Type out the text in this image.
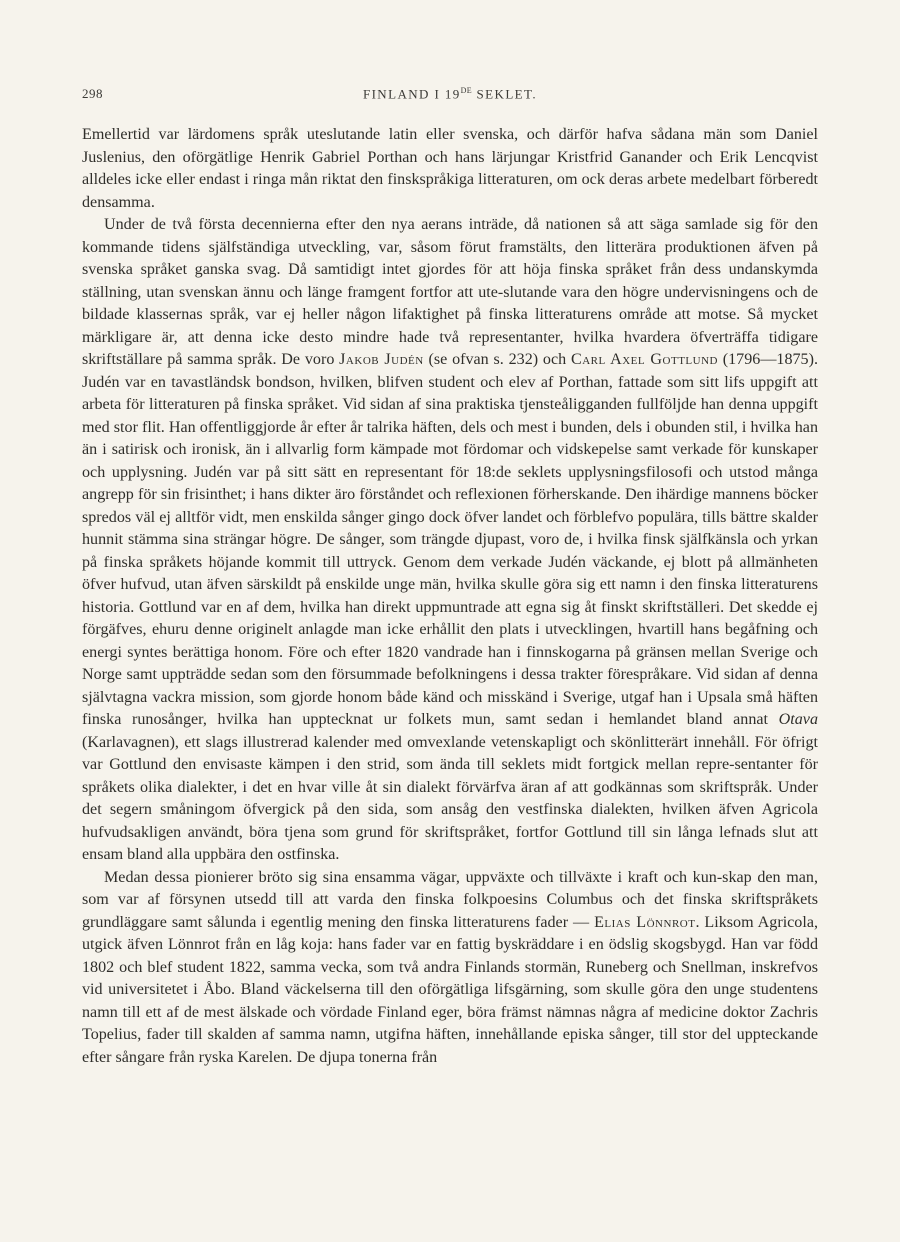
298	FINLAND I 19DE SEKLET.

Emellertid var lärdomens språk uteslutande latin eller svenska, och därför hafva sådana män som Daniel Juslenius, den oförgätlige Henrik Gabriel Porthan och hans lärjungar Kristfrid Ganander och Erik Lencqvist alldeles icke eller endast i ringa mån riktat den finskspråkiga litteraturen, om ock deras arbete medelbart förberedt densamma.

Under de två första decennierna efter den nya aerans inträde, då nationen så att säga samlade sig för den kommande tidens själfständiga utveckling, var, såsom förut framstälts, den litterära produktionen äfven på svenska språket ganska svag. Då samtidigt intet gjordes för att höja finska språket från dess undanskymda ställning, utan svenskan ännu och länge framgent fortfor att ute-slutande vara den högre undervisningens och de bildade klassernas språk, var ej heller någon lifaktighet på finska litteraturens område att motse. Så mycket märkligare är, att denna icke desto mindre hade två representanter, hvilka hvardera öfverträffa tidigare skriftställare på samma språk. De voro Jakob Judén (se ofvan s. 232) och Carl Axel Gottlund (1796—1875). Judén var en tavastländsk bondson, hvilken, blifven student och elev af Porthan, fattade som sitt lifs uppgift att arbeta för litteraturen på finska språket. Vid sidan af sina praktiska tjensteåligganden fullföljde han denna uppgift med stor flit. Han offentliggjorde år efter år talrika häften, dels och mest i bunden, dels i obunden stil, i hvilka han än i satirisk och ironisk, än i allvarlig form kämpade mot fördomar och vidskepelse samt verkade för kunskaper och upplysning. Judén var på sitt sätt en representant för 18:de seklets upplysningsfilosofi och utstod många angrepp för sin frisinthet; i hans dikter äro förståndet och reflexionen förherskande. Den ihärdige mannens böcker spredos väl ej alltför vidt, men enskilda sånger gingo dock öfver landet och förblefvo populära, tills bättre skalder hunnit stämma sina strängar högre. De sånger, som trängde djupast, voro de, i hvilka finsk själfkänsla och yrkan på finska språkets höjande kommit till uttryck. Genom dem verkade Judén väckande, ej blott på allmänheten öfver hufvud, utan äfven särskildt på enskilde unge män, hvilka skulle göra sig ett namn i den finska litteraturens historia. Gottlund var en af dem, hvilka han direkt uppmuntrade att egna sig åt finskt skriftställeri. Det skedde ej förgäfves, ehuru denne originelt anlagde man icke erhållit den plats i utvecklingen, hvartill hans begåfning och energi syntes berättiga honom. Före och efter 1820 vandrade han i finnskogarna på gränsen mellan Sverige och Norge samt uppträdde sedan som den försummade befolkningens i dessa trakter förespråkare. Vid sidan af denna självtagna vackra mission, som gjorde honom både känd och misskänd i Sverige, utgaf han i Upsala små häften finska runosånger, hvilka han upptecknat ur folkets mun, samt sedan i hemlandet bland annat Otava (Karlavagnen), ett slags illustrerad kalender med omvexlande vetenskapligt och skönlitterärt innehåll. För öfrigt var Gottlund den envisaste kämpen i den strid, som ända till seklets midt fortgick mellan repre-sentanter för språkets olika dialekter, i det en hvar ville åt sin dialekt förvärfva äran af att godkännas som skriftspråk. Under det segern småningom öfvergick på den sida, som ansåg den vestfinska dialekten, hvilken äfven Agricola hufvudsakligen användt, böra tjena som grund för skriftspråket, fortfor Gottlund till sin långa lefnads slut att ensam bland alla uppbära den ostfinska.

Medan dessa pionierer bröto sig sina ensamma vägar, uppväxte och tillväxte i kraft och kun-skap den man, som var af försynen utsedd till att varda den finska folkpoesins Columbus och det finska skriftspråkets grundläggare samt sålunda i egentlig mening den finska litteraturens fader — Elias Lönnrot. Liksom Agricola, utgick äfven Lönnrot från en låg koja: hans fader var en fattig byskräddare i en ödslig skogsbygd. Han var född 1802 och blef student 1822, samma vecka, som två andra Finlands stormän, Runeberg och Snellman, inskrefvos vid universitetet i Åbo. Bland väckelserna till den oförgätliga lifsgärning, som skulle göra den unge studentens namn till ett af de mest älskade och vördade Finland eger, böra främst nämnas några af medicine doktor Zachris Topelius, fader till skalden af samma namn, utgifna häften, innehållande episka sånger, till stor del uppteckande efter sångare från ryska Karelen. De djupa tonerna från
